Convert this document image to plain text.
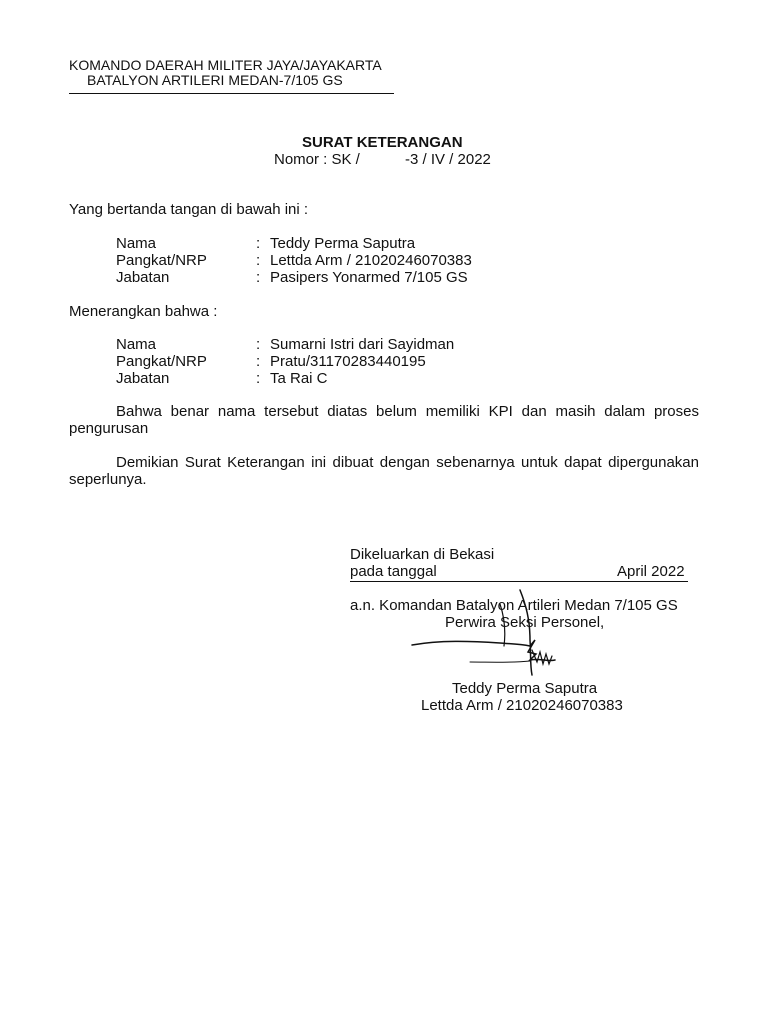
KOMANDO DAERAH MILITER JAYA/JAYAKARTA
BATALYON ARTILERI MEDAN-7/105 GS
SURAT KETERANGAN
Nomor : SK /	-3 / IV / 2022
Yang bertanda tangan di bawah ini :
Nama	: Teddy Perma Saputra
Pangkat/NRP	: Lettda Arm / 21020246070383
Jabatan	: Pasipers Yonarmed 7/105 GS
Menerangkan bahwa :
Nama	: Sumarni Istri dari Sayidman
Pangkat/NRP	: Pratu/31170283440195
Jabatan	: Ta Rai C
Bahwa benar nama tersebut diatas belum memiliki KPI dan masih dalam proses pengurusan
Demikian Surat Keterangan ini dibuat dengan sebenarnya untuk dapat dipergunakan seperlunya.
Dikeluarkan di Bekasi
pada tanggal	April 2022
a.n. Komandan Batalyon Artileri Medan 7/105 GS
Perwira Seksi Personel,
Teddy Perma Saputra
Lettda Arm / 21020246070383
